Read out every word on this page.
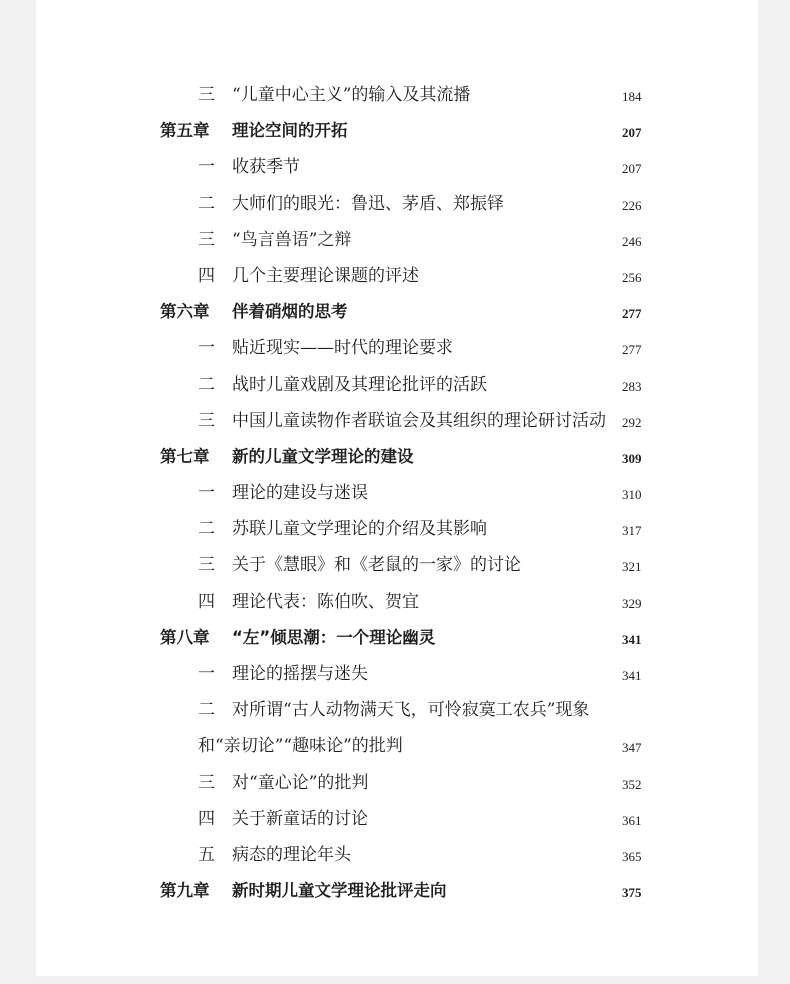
三 “儿童中心主义”的输入及其流播	184
第五章 理论空间的开拓	207
一 收获季节	207
二 大师们的眼光：鲁迅、茅盾、郑振铎	226
三 “鸟言兽语”之辩	246
四 几个主要理论课题的评述	256
第六章 伴着硝烟的思考	277
一 贴近现实——时代的理论要求	277
二 战时儿童戏剧及其理论批评的活跃	283
三 中国儿童读物作者联谊会及其组织的理论研讨活动 292
第七章 新的儿童文学理论的建设	309
一 理论的建设与迷误	310
二 苏联儿童文学理论的介绍及其影响	317
三 关于《慧眼》和《老鼠的一家》的讨论	321
四 理论代表：陈伯吹、贺宜	329
第八章 “左”倾思潮：一个理论幽灵	341
一 理论的摇摆与迷失	341
二 对所谓“古人动物满天飞，可怜寂寞工农兵”现象
和“亲切论”“趣味论”的批判	347
三 对“童心论”的批判	352
四 关于新童话的讨论	361
五 病态的理论年头	365
第九章 新时期儿童文学理论批评走向	375
